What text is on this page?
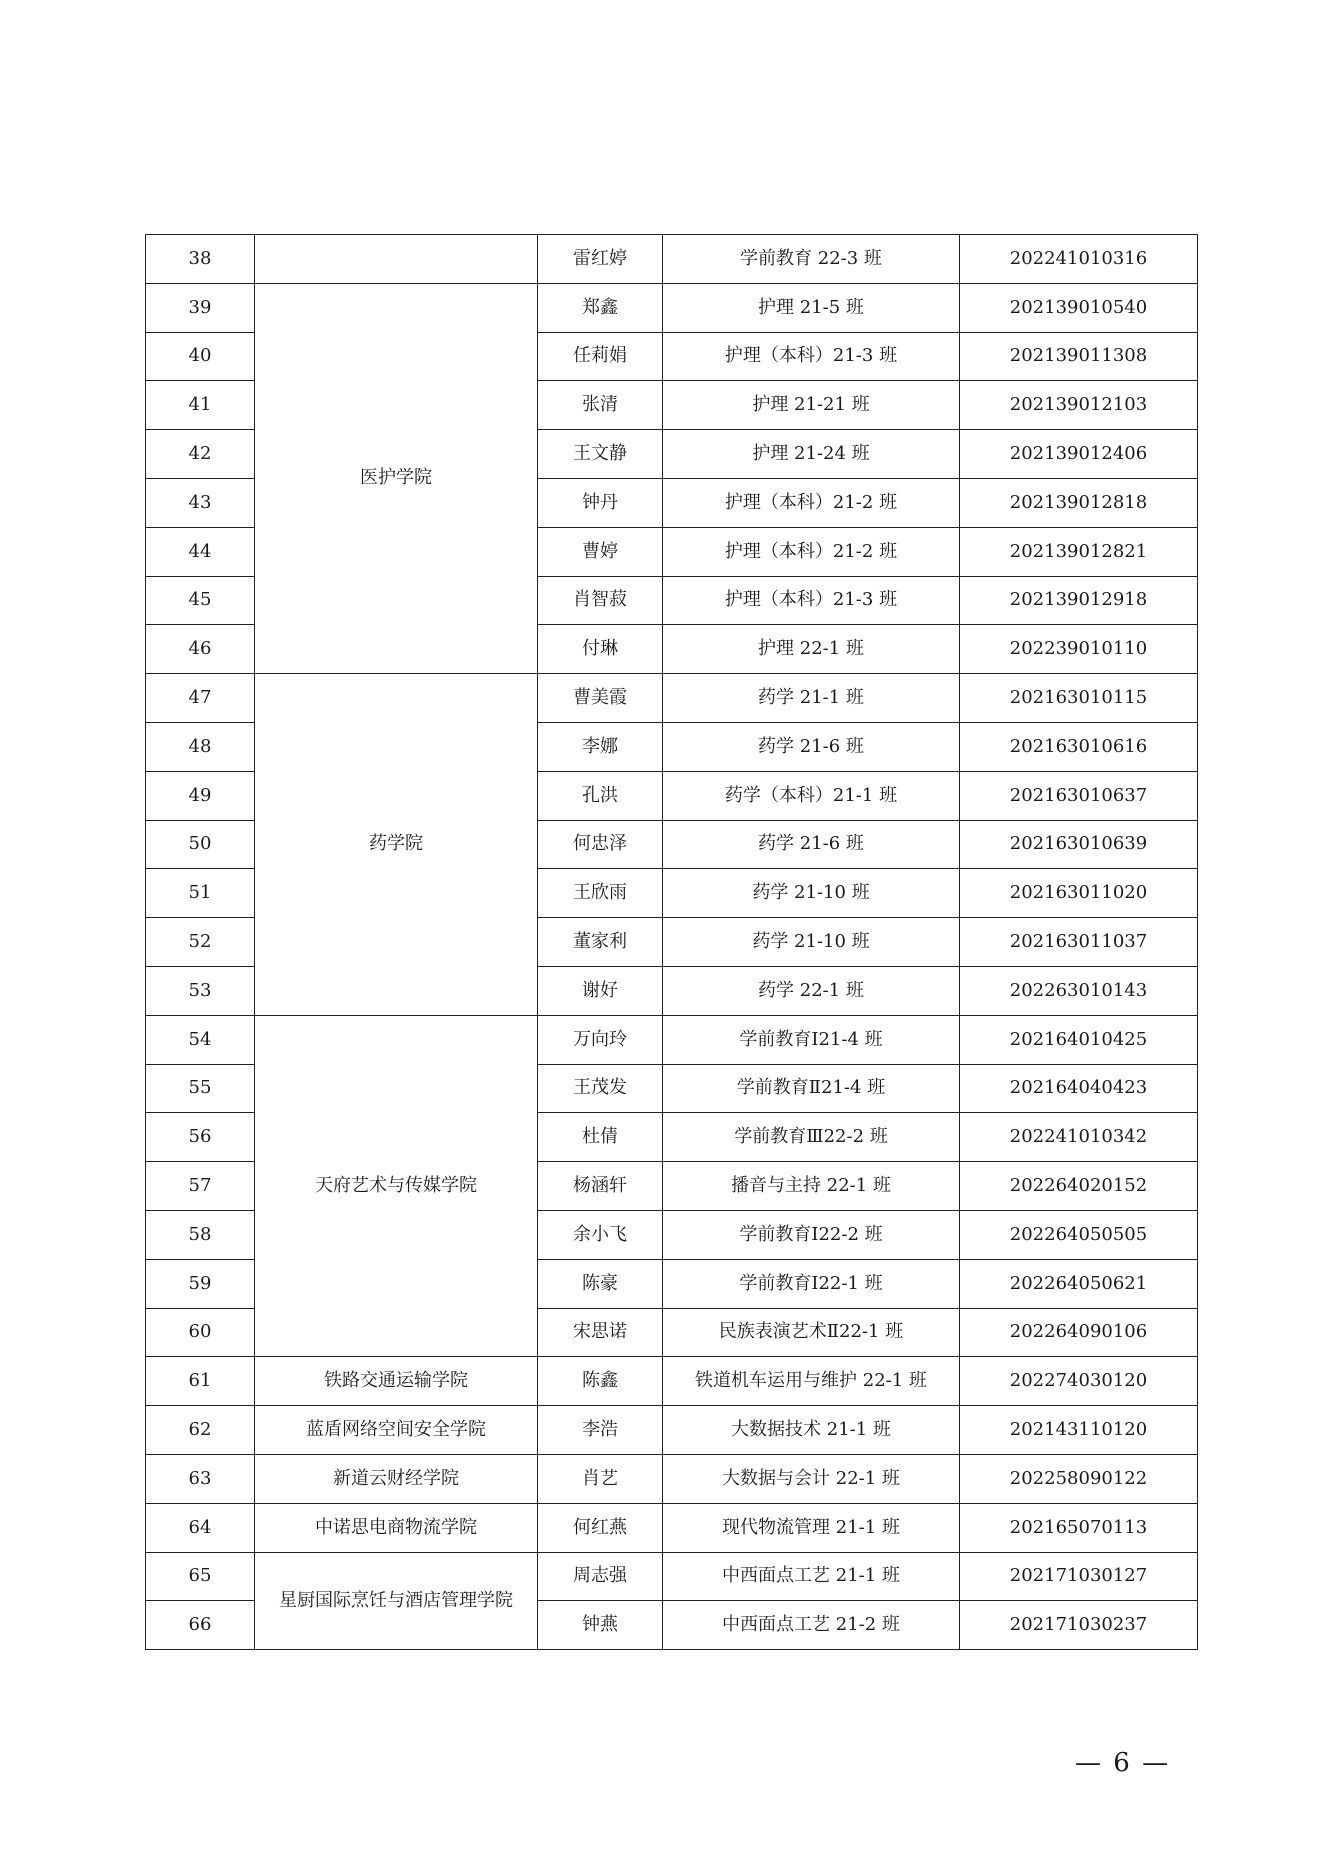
38		雷红婷	学前教育 22-3 班	202241010316
39	医护学院	郑鑫	护理 21-5 班	202139010540
40		任莉娟	护理（本科）21-3 班	202139011308
41		张清	护理 21-21 班	202139012103
42		王文静	护理 21-24 班	202139012406
43		钟丹	护理（本科）21-2 班	202139012818
44		曹婷	护理（本科）21-2 班	202139012821
45		肖智菽	护理（本科）21-3 班	202139012918
46		付琳	护理 22-1 班	202239010110
47	药学院	曹美霞	药学 21-1 班	202163010115
48		李娜	药学 21-6 班	202163010616
49		孔洪	药学（本科）21-1 班	202163010637
50		何忠泽	药学 21-6 班	202163010639
51		王欣雨	药学 21-10 班	202163011020
52		董家利	药学 21-10 班	202163011037
53		谢好	药学 22-1 班	202263010143
54	天府艺术与传媒学院	万向玲	学前教育Ⅰ21-4 班	202164010425
55		王茂发	学前教育Ⅱ21-4 班	202164040423
56		杜倩	学前教育Ⅲ22-2 班	202241010342
57		杨涵轩	播音与主持 22-1 班	202264020152
58		余小飞	学前教育Ⅰ22-2 班	202264050505
59		陈豪	学前教育Ⅰ22-1 班	202264050621
60		宋思诺	民族表演艺术Ⅱ22-1 班	202264090106
61	铁路交通运输学院	陈鑫	铁道机车运用与维护 22-1 班	202274030120
62	蓝盾网络空间安全学院	李浩	大数据技术 21-1 班	202143110120
63	新道云财经学院	肖艺	大数据与会计 22-1 班	202258090122
64	中诺思电商物流学院	何红燕	现代物流管理 21-1 班	202165070113
65	星厨国际烹饪与酒店管理学院	周志强	中西面点工艺 21-1 班	202171030127
66		钟燕	中西面点工艺 21-2 班	202171030237
— 6 —
